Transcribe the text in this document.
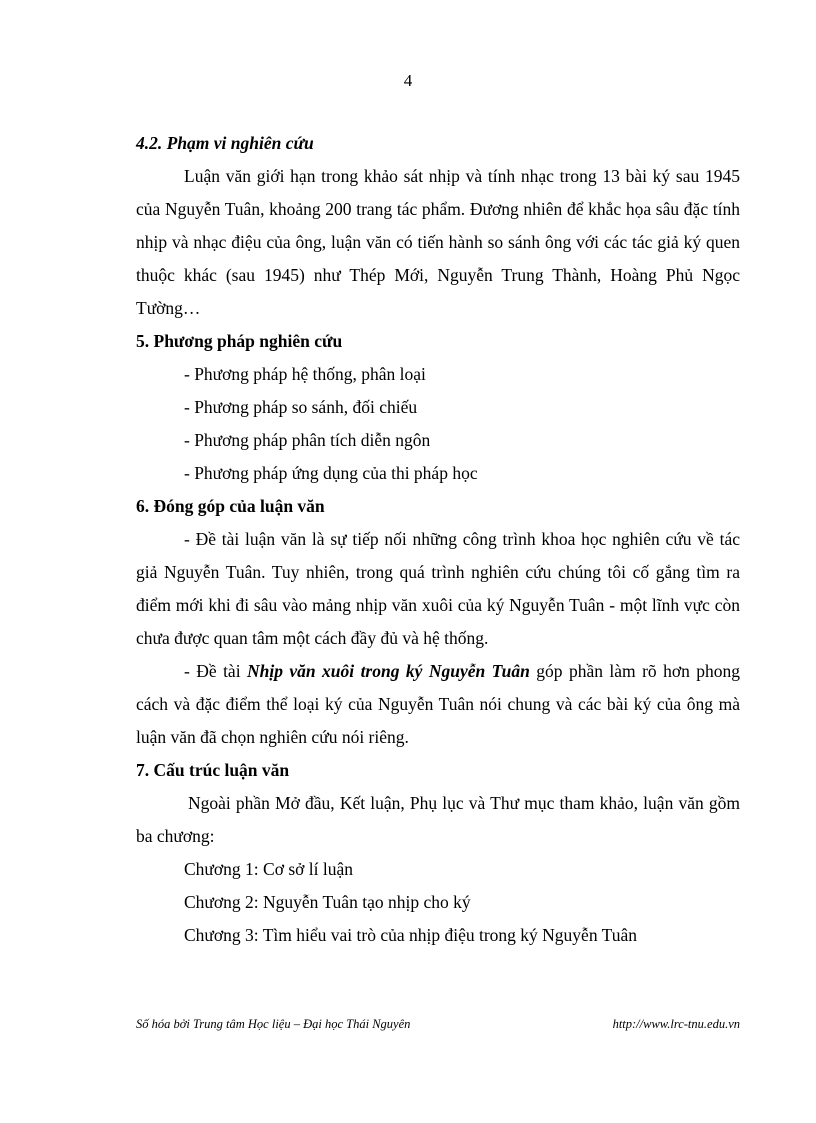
4

4.2. Phạm vi nghiên cứu

Luận văn giới hạn trong khảo sát nhịp và tính nhạc trong 13 bài ký sau 1945 của Nguyễn Tuân, khoảng 200 trang tác phẩm. Đương nhiên để khắc họa sâu đặc tính nhịp và nhạc điệu của ông, luận văn có tiến hành so sánh ông với các tác giả ký quen thuộc khác (sau 1945) như Thép Mới, Nguyễn Trung Thành, Hoàng Phủ Ngọc Tường…

5. Phương pháp nghiên cứu

- Phương pháp hệ thống, phân loại

- Phương pháp so sánh, đối chiếu

- Phương pháp phân tích diễn ngôn

- Phương pháp ứng dụng của thi pháp học

6. Đóng góp của luận văn

- Đề tài luận văn là sự tiếp nối những công trình khoa học nghiên cứu về tác giả Nguyễn Tuân. Tuy nhiên, trong quá trình nghiên cứu chúng tôi cố gắng tìm ra điểm mới khi đi sâu vào mảng nhịp văn xuôi của ký Nguyễn Tuân - một lĩnh vực còn chưa được quan tâm một cách đầy đủ và hệ thống.

- Đề tài Nhịp văn xuôi trong ký Nguyễn Tuân góp phần làm rõ hơn phong cách và đặc điểm thể loại ký của Nguyễn Tuân nói chung và các bài ký của ông mà luận văn đã chọn nghiên cứu nói riêng.

7. Cấu trúc luận văn

Ngoài phần Mở đầu, Kết luận, Phụ lục và Thư mục tham khảo, luận văn gồm ba chương:

Chương 1: Cơ sở lí luận

Chương 2: Nguyễn Tuân tạo nhịp cho ký

Chương 3: Tìm hiểu vai trò của nhịp điệu trong ký Nguyễn Tuân

Số hóa bởi Trung tâm Học liệu – Đại học Thái Nguyên	http://www.lrc-tnu.edu.vn
